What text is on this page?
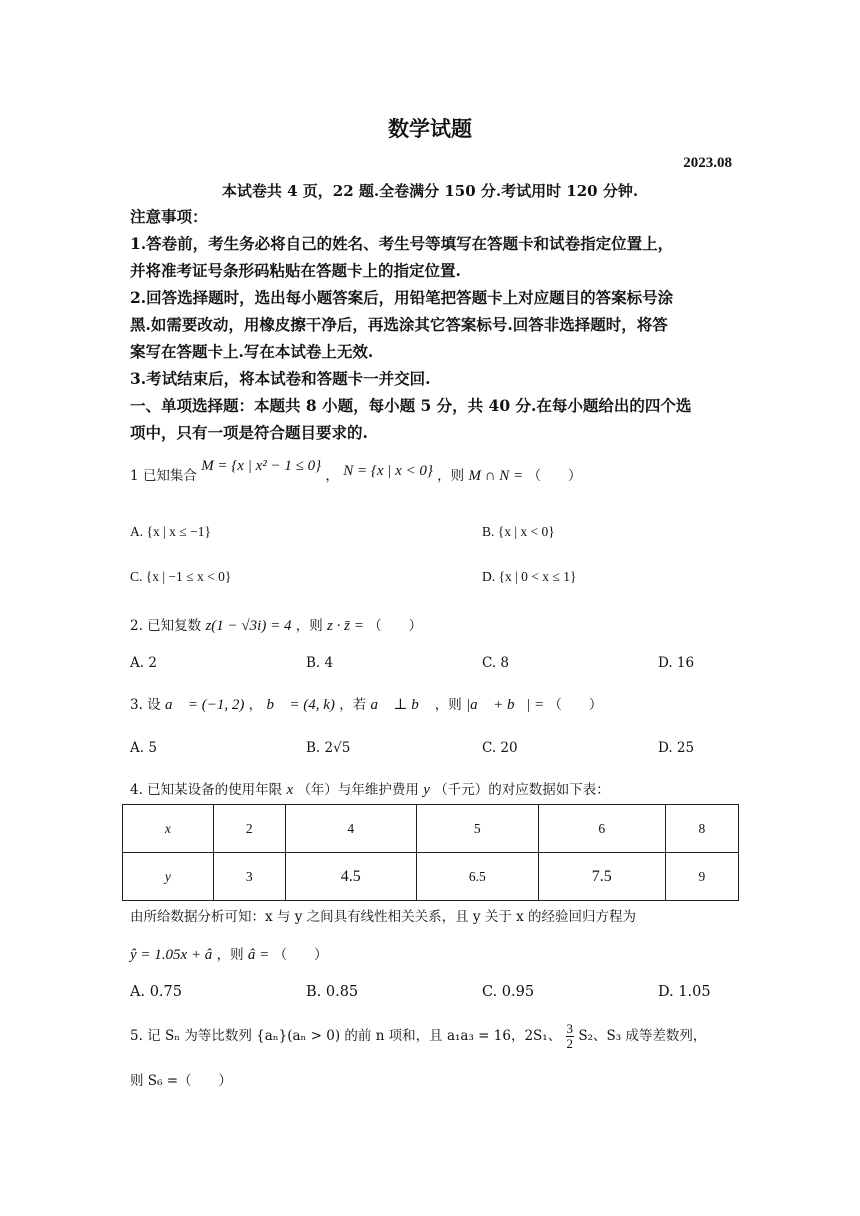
数学试题
2023.08
本试卷共 4 页，22 题.全卷满分 150 分.考试用时 120 分钟.
注意事项：
1.答卷前，考生务必将自己的姓名、考生号等填写在答题卡和试卷指定位置上，
并将准考证号条形码粘贴在答题卡上的指定位置.
2.回答选择题时，选出每小题答案后，用铅笔把答题卡上对应题目的答案标号涂
黑.如需要改动，用橡皮擦干净后，再选涂其它答案标号.回答非选择题时，将答
案写在答题卡上.写在本试卷上无效.
3.考试结束后，将本试卷和答题卡一并交回.
一、单项选择题：本题共 8 小题，每小题 5 分，共 40 分.在每小题给出的四个选
项中，只有一项是符合题目要求的.
1 已知集合 M = {x | x² − 1 ≤ 0} ， N = {x | x < 0} ，则 M ∩ N = （　　）
A. {x | x ≤ −1}	B. {x | x < 0}
C. {x | −1 ≤ x < 0}	D. {x | 0 < x ≤ 1}
2. 已知复数 z(1 − √3i) = 4 ，则 z · z̄ = （　　）
A. 2	B. 4	C. 8	D. 16
3. 设 a⃗ = (−1, 2) ， b⃗ = (4, k) ，若 a⃗ ⊥ b⃗ ，则 |a⃗ + b⃗| = （　　）
A. 5	B. 2√5	C. 20	D. 25
4. 已知某设备的使用年限 x （年）与年维护费用 y （千元）的对应数据如下表：
x	2	4	5	6	8
y	3	4.5	6.5	7.5	9
由所给数据分析可知：x 与 y 之间具有线性相关关系，且 y 关于 x 的经验回归方程为
ŷ = 1.05x + â ，则 â = （　　）
A. 0.75	B. 0.85	C. 0.95	D. 1.05
5. 记 Sₙ 为等比数列 {aₙ}(aₙ > 0) 的前 n 项和，且 a₁a₃ = 16，2S₁、 $\frac{3}{2} S_2$、S₃ 成等差数列，
则 S₆ =（　　）
